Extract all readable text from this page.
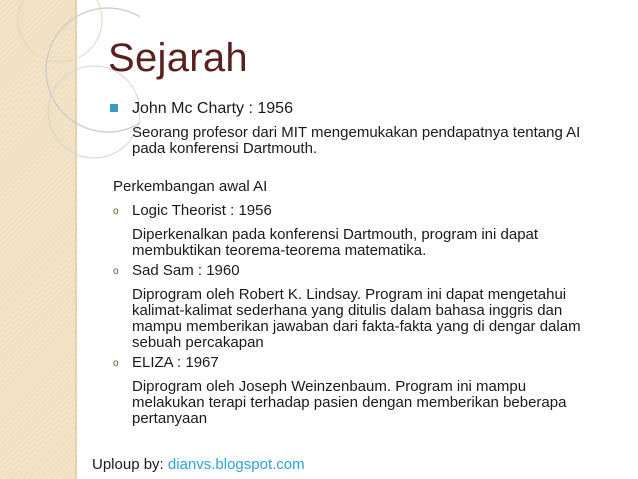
Sejarah
John Mc Charty : 1956
Seorang profesor dari MIT mengemukakan pendapatnya tentang AI
pada konferensi Dartmouth.
Perkembangan awal AI
o Logic Theorist : 1956
Diperkenalkan pada konferensi Dartmouth, program ini dapat
membuktikan teorema-teorema matematika.
o Sad Sam : 1960
Diprogram oleh Robert K. Lindsay. Program ini dapat mengetahui
kalimat-kalimat sederhana yang ditulis dalam bahasa inggris dan
mampu memberikan jawaban dari fakta-fakta yang di dengar dalam
sebuah percakapan
o ELIZA : 1967
Diprogram oleh Joseph Weinzenbaum. Program ini mampu
melakukan terapi terhadap pasien dengan memberikan beberapa
pertanyaan
Uploup by: dianvs.blogspot.com
